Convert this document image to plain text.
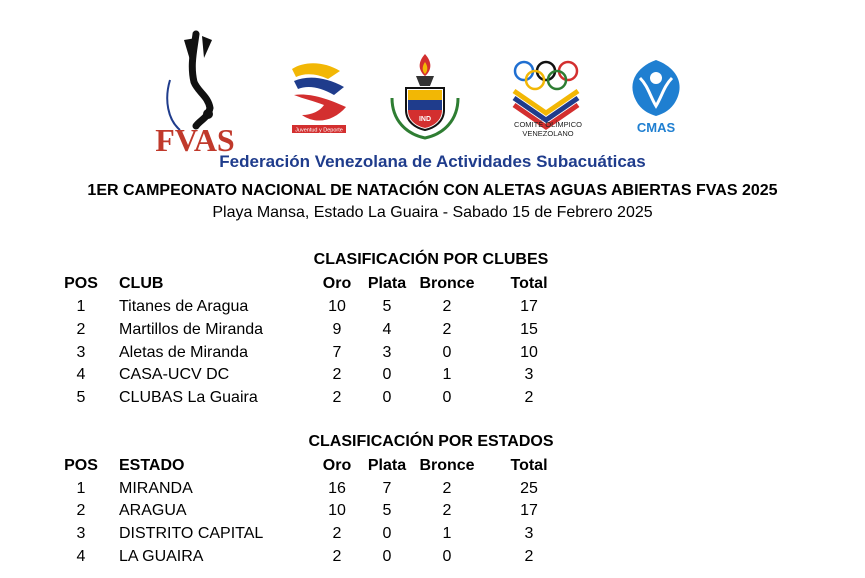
FVAS	Juventud y Deporte
IND
COMITÉ OLÍMPICO VENEZOLANO	CMAS
Federación Venezolana de Actividades Subacuáticas
1ER CAMPEONATO NACIONAL DE NATACIÓN CON ALETAS AGUAS ABIERTAS FVAS 2025
Playa Mansa, Estado La Guaira - Sabado 15 de Febrero 2025
CLASIFICACIÓN POR CLUBES
POS CLUB	Oro	Plata Bronce	Total
1	Titanes de Aragua	10	5	2	17
2	Martillos de Miranda	9	4	2	15
3	Aletas de Miranda	7	3	0	10
4	CASA-UCV DC	2	0	1	3
5	CLUBAS La Guaira	2	0	0	2
CLASIFICACIÓN POR ESTADOS
POS ESTADO	Oro	Plata Bronce	Total
1	MIRANDA	16	7	2	25
2	ARAGUA	10	5	2	17
3	DISTRITO CAPITAL	2	0	1	3
4	LA GUAIRA	2	0	0	2
